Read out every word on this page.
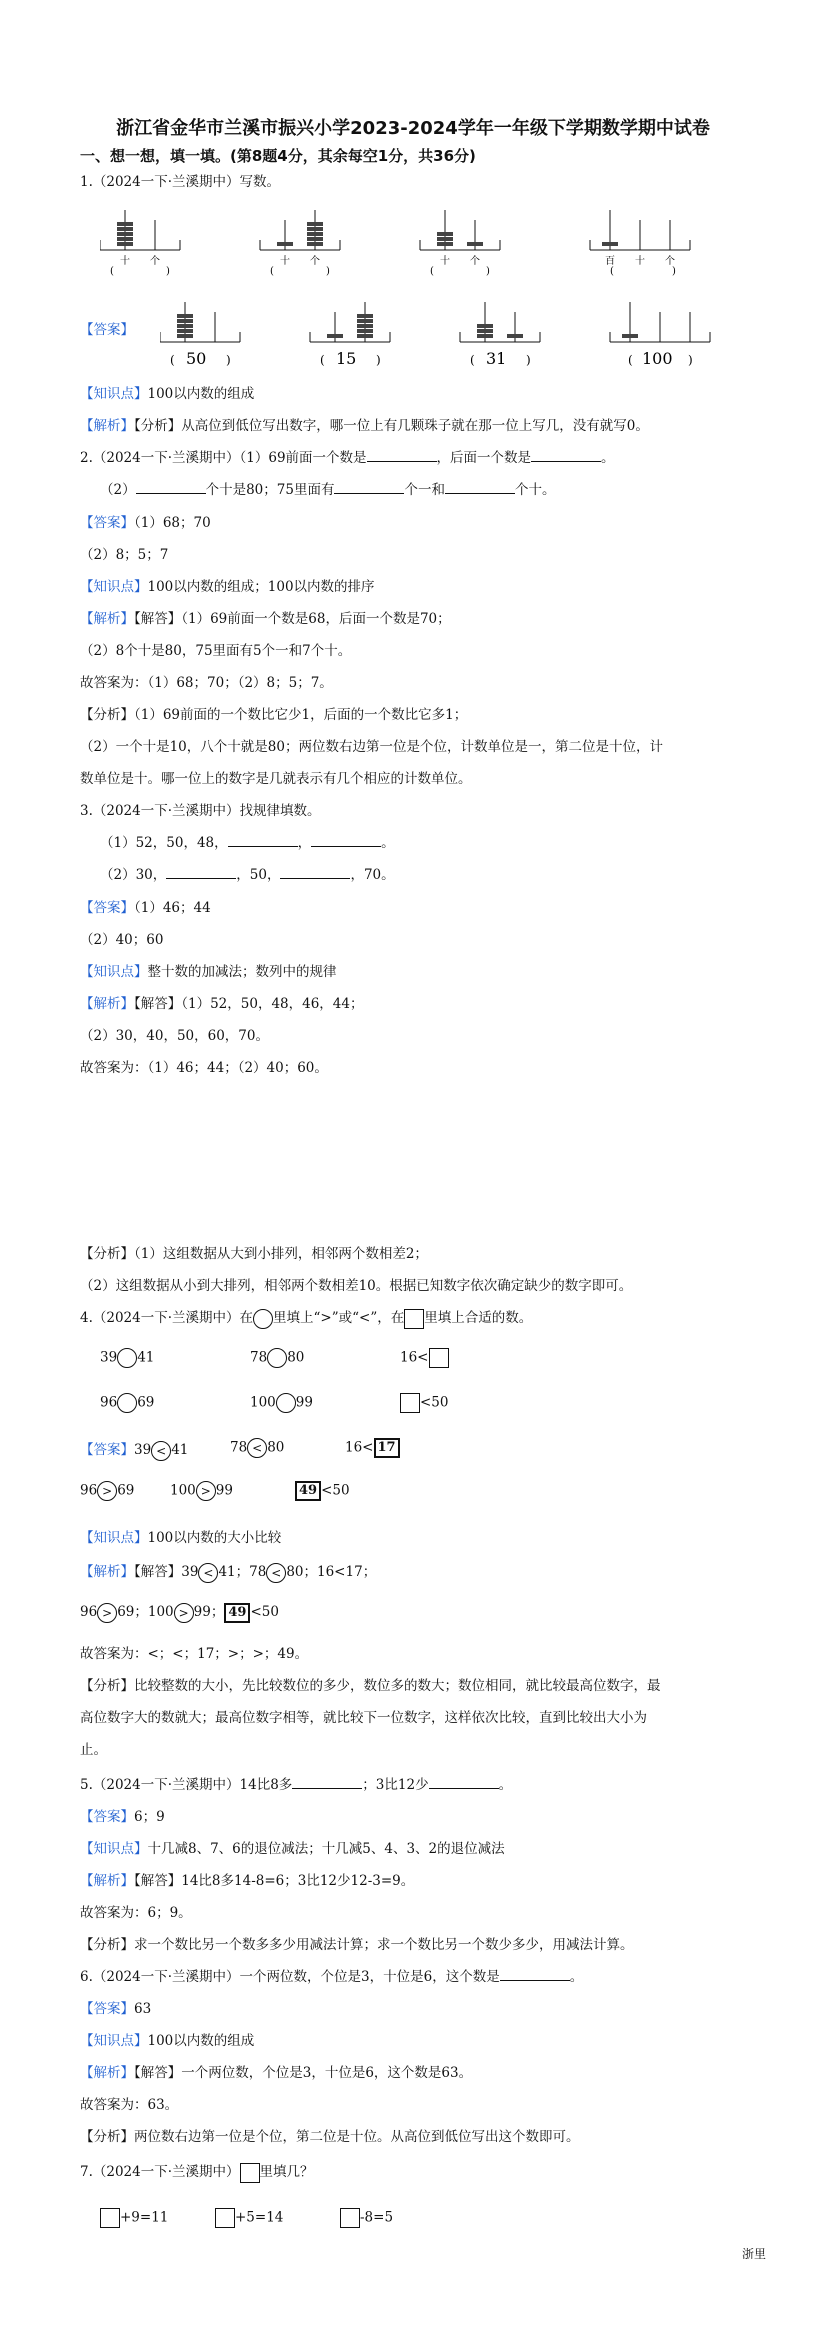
浙江省金华市兰溪市振兴小学2023-2024学年一年级下学期数学期中试卷
一、想一想，填一填。(第8题4分，其余每空1分，共36分)
1.（2024一下·兰溪期中）写数。
十 个
(	)
十 个
(	)
十 个
(	)
百 十 个
(	)
【答案】
(	)
50	(	)
15	(	)
31	(	)
100
【知识点】100以内数的组成
【解析】【分析】从高位到低位写出数字，哪一位上有几颗珠子就在那一位上写几，没有就写0。
2.（2024一下·兰溪期中）（1）69前面一个数是	，后面一个数是	。
（2）	个十是80；75里面有	个一和	个十。
【答案】（1）68；70
（2）8；5；7
【知识点】100以内数的组成；100以内数的排序
【解析】【解答】（1）69前面一个数是68，后面一个数是70；
（2）8个十是80，75里面有5个一和7个十。
故答案为：（1）68；70；（2）8；5；7。
【分析】（1）69前面的一个数比它少1，后面的一个数比它多1；
（2）一个十是10，八个十就是80；两位数右边第一位是个位，计数单位是一，第二位是十位，计
数单位是十。哪一位上的数字是几就表示有几个相应的计数单位。
3.（2024一下·兰溪期中）找规律填数。
（1）52，50，48，	，	。
（2）30，	，50，	，70。
【答案】（1）46；44
（2）40；60
【知识点】整十数的加减法；数列中的规律
【解析】【解答】（1）52，50，48，46，44；
（2）30，40，50，60，70。
故答案为：（1）46；44；（2）40；60。
【分析】（1）这组数据从大到小排列，相邻两个数相差2；
（2）这组数据从小到大排列，相邻两个数相差10。根据已知数字依次确定缺少的数字即可。
4.（2024一下·兰溪期中）在 里填上“>”或“<”，在 里填上合适的数。
39 41	78 80	16<
96 69	100 99	<50
【答案】39 < 41	78 < 80	16< 17
96 > 69	100 > 99	49 <50
【知识点】100以内数的大小比较
【解析】【解答】39 < 41；78 < 80；16<17；
96 > 69；100 > 99； 49 <50
故答案为：<；<；17；>；>；49。
【分析】比较整数的大小，先比较数位的多少，数位多的数大；数位相同，就比较最高位数字，最
高位数字大的数就大；最高位数字相等，就比较下一位数字，这样依次比较，直到比较出大小为
止。
5.（2024一下·兰溪期中）14比8多	；3比12少	。
【答案】6；9
【知识点】十几减8、7、6的退位减法；十几减5、4、3、2的退位减法
【解析】【解答】14比8多14-8=6；3比12少12-3=9。
故答案为：6；9。
【分析】求一个数比另一个数多多少用减法计算；求一个数比另一个数少多少，用减法计算。
6.（2024一下·兰溪期中）一个两位数，个位是3，十位是6，这个数是	。
【答案】63
【知识点】100以内数的组成
【解析】【解答】一个两位数，个位是3，十位是6，这个数是63。
故答案为：63。
【分析】两位数右边第一位是个位，第二位是十位。从高位到低位写出这个数即可。
7.（2024一下·兰溪期中） 里填几？
+9=11	+5=14	-8=5
浙里
